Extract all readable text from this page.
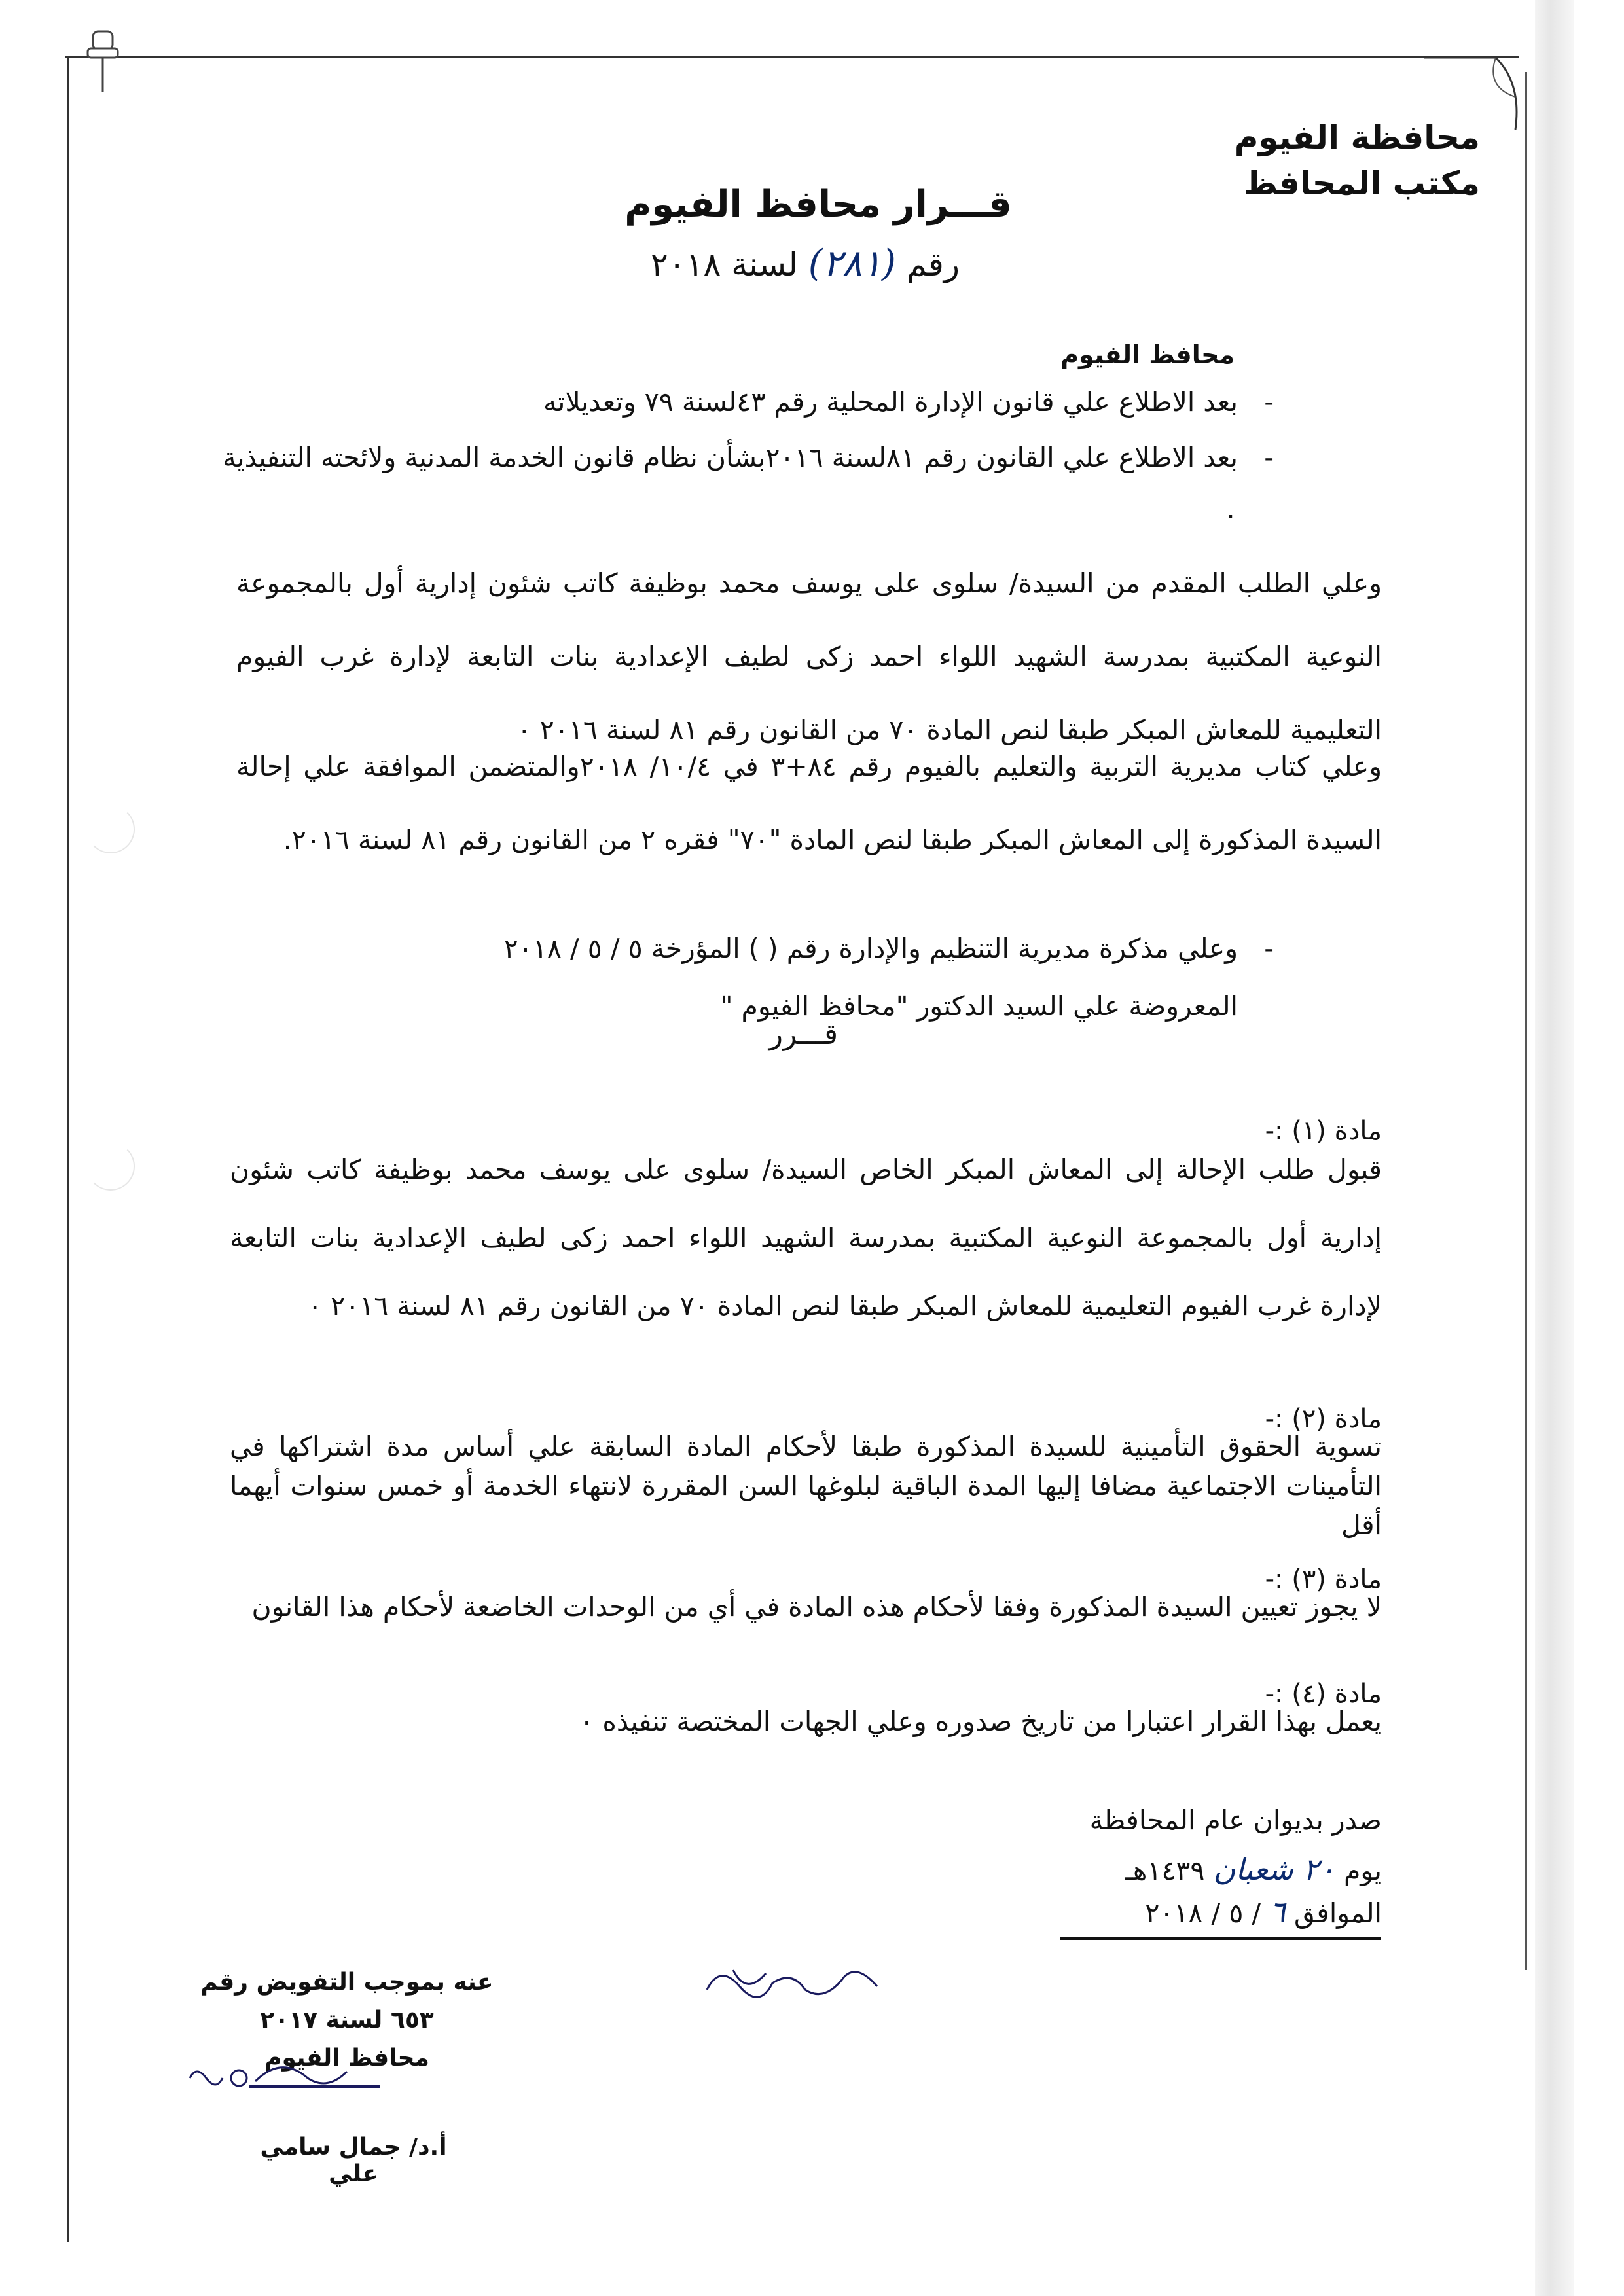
محافظة الفيوم
مكتب المحافظ
قـــرار محافظ الفيوم
رقم (٢٨١) لسنة ٢٠١٨
محافظ الفيوم
- بعد الاطلاع علي قانون الإدارة المحلية رقم ٤٣لسنة ٧٩ وتعديلاته
- بعد الاطلاع علي القانون رقم ٨١لسنة ٢٠١٦بشأن نظام قانون الخدمة المدنية ولائحته التنفيذية ٠
وعلي الطلب المقدم من السيدة/ سلوى على يوسف محمد بوظيفة كاتب شئون إدارية أول بالمجموعة النوعية المكتبية بمدرسة الشهيد اللواء احمد زكى لطيف الإعدادية بنات التابعة لإدارة غرب الفيوم التعليمية للمعاش المبكر طبقا لنص المادة ٧٠ من القانون رقم ٨١ لسنة ٢٠١٦ ٠
وعلي كتاب مديرية التربية والتعليم بالفيوم رقم ٨٤+٣ في ١٠/٤/ ٢٠١٨والمتضمن الموافقة علي إحالة السيدة المذكورة إلى المعاش المبكر طبقا لنص المادة "٧٠" فقره ٢ من القانون رقم ٨١ لسنة ٢٠١٦.
- وعلي مذكرة مديرية التنظيم والإدارة رقم ( ) المؤرخة ٥ / ٥ / ٢٠١٨
المعروضة علي السيد الدكتور "محافظ الفيوم "
قـــرر
مادة (١) :-
قبول طلب الإحالة إلى المعاش المبكر الخاص السيدة/ سلوى على يوسف محمد بوظيفة كاتب شئون إدارية أول بالمجموعة النوعية المكتبية بمدرسة الشهيد اللواء احمد زكى لطيف الإعدادية بنات التابعة لإدارة غرب الفيوم التعليمية للمعاش المبكر طبقا لنص المادة ٧٠ من القانون رقم ٨١ لسنة ٢٠١٦ ٠
مادة (٢) :-
تسوية الحقوق التأمينية للسيدة المذكورة طبقا لأحكام المادة السابقة علي أساس مدة اشتراكها في التأمينات الاجتماعية مضافا إليها المدة الباقية لبلوغها السن المقررة لانتهاء الخدمة أو خمس سنوات أيهما أقل
مادة (٣) :-
لا يجوز تعيين السيدة المذكورة وفقا لأحكام هذه المادة في أي من الوحدات الخاضعة لأحكام هذا القانون
مادة (٤) :-
يعمل بهذا القرار اعتبارا من تاريخ صدوره وعلي الجهات المختصة تنفيذه ٠
صدر بديوان عام المحافظة
يوم ٢٠ شعبان ١٤٣٩هـ
الموافق ٦ / ٥ / ٢٠١٨
عنه بموجب التفويض رقم ٦٥٣ لسنة ٢٠١٧
محافظ الفيوم
أ.د/ جمال سامي علي
